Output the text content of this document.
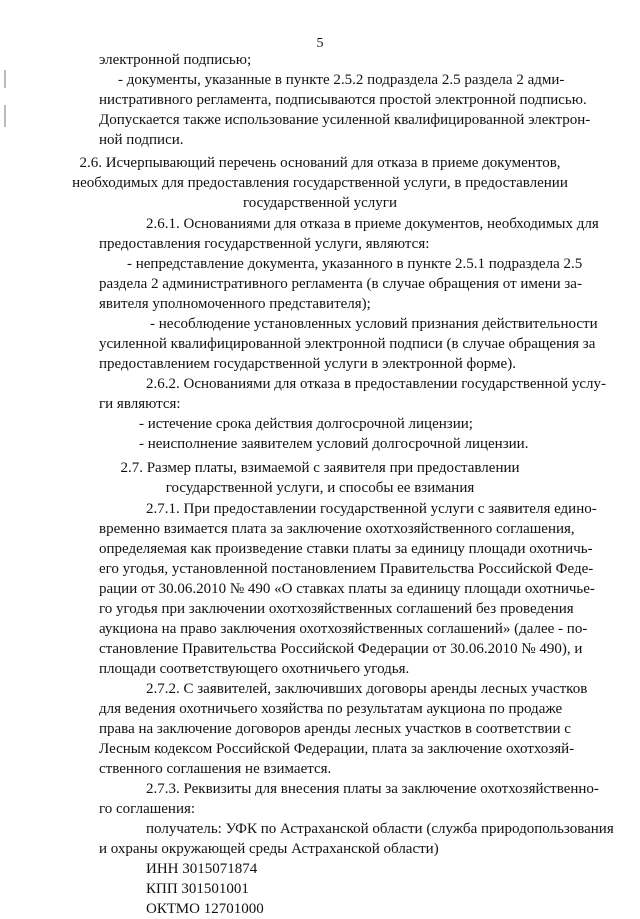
5
электронной подписью;
- документы, указанные в пункте 2.5.2 подраздела 2.5 раздела 2 адми-
нистративного регламента, подписываются простой электронной подписью.
Допускается также использование усиленной квалифицированной электрон-
ной подписи.
2.6. Исчерпывающий перечень оснований для отказа в приеме документов,
необходимых для предоставления государственной услуги, в предоставлении
государственной услуги
2.6.1. Основаниями для отказа в приеме документов, необходимых для
предоставления государственной услуги, являются:
- непредставление документа, указанного в пункте 2.5.1 подраздела 2.5
раздела 2 административного регламента (в случае обращения от имени за-
явителя уполномоченного представителя);
- несоблюдение установленных условий признания действительности
усиленной квалифицированной электронной подписи (в случае обращения за
предоставлением государственной услуги в электронной форме).
2.6.2. Основаниями для отказа в предоставлении государственной услу-
ги являются:
- истечение срока действия долгосрочной лицензии;
- неисполнение заявителем условий долгосрочной лицензии.
2.7. Размер платы, взимаемой с заявителя при предоставлении
государственной услуги, и способы ее взимания
2.7.1. При предоставлении государственной услуги с заявителя едино-
временно взимается плата за заключение охотхозяйственного соглашения,
определяемая как произведение ставки платы за единицу площади охотничь-
его угодья, установленной постановлением Правительства Российской Феде-
рации от 30.06.2010 № 490 «О ставках платы за единицу площади охотничье-
го угодья при заключении охотхозяйственных соглашений без проведения
аукциона на право заключения охотхозяйственных соглашений» (далее - по-
становление Правительства Российской Федерации от 30.06.2010 № 490), и
площади соответствующего охотничьего угодья.
2.7.2. С заявителей, заключивших договоры аренды лесных участков
для ведения охотничьего хозяйства по результатам аукциона по продаже
права на заключение договоров аренды лесных участков в соответствии с
Лесным кодексом Российской Федерации, плата за заключение охотхозяй-
ственного соглашения не взимается.
2.7.3. Реквизиты для внесения платы за заключение охотхозяйственно-
го соглашения:
получатель: УФК по Астраханской области (служба природопользования
и охраны окружающей среды Астраханской области)
ИНН 3015071874
КПП 301501001
ОКТМО 12701000
